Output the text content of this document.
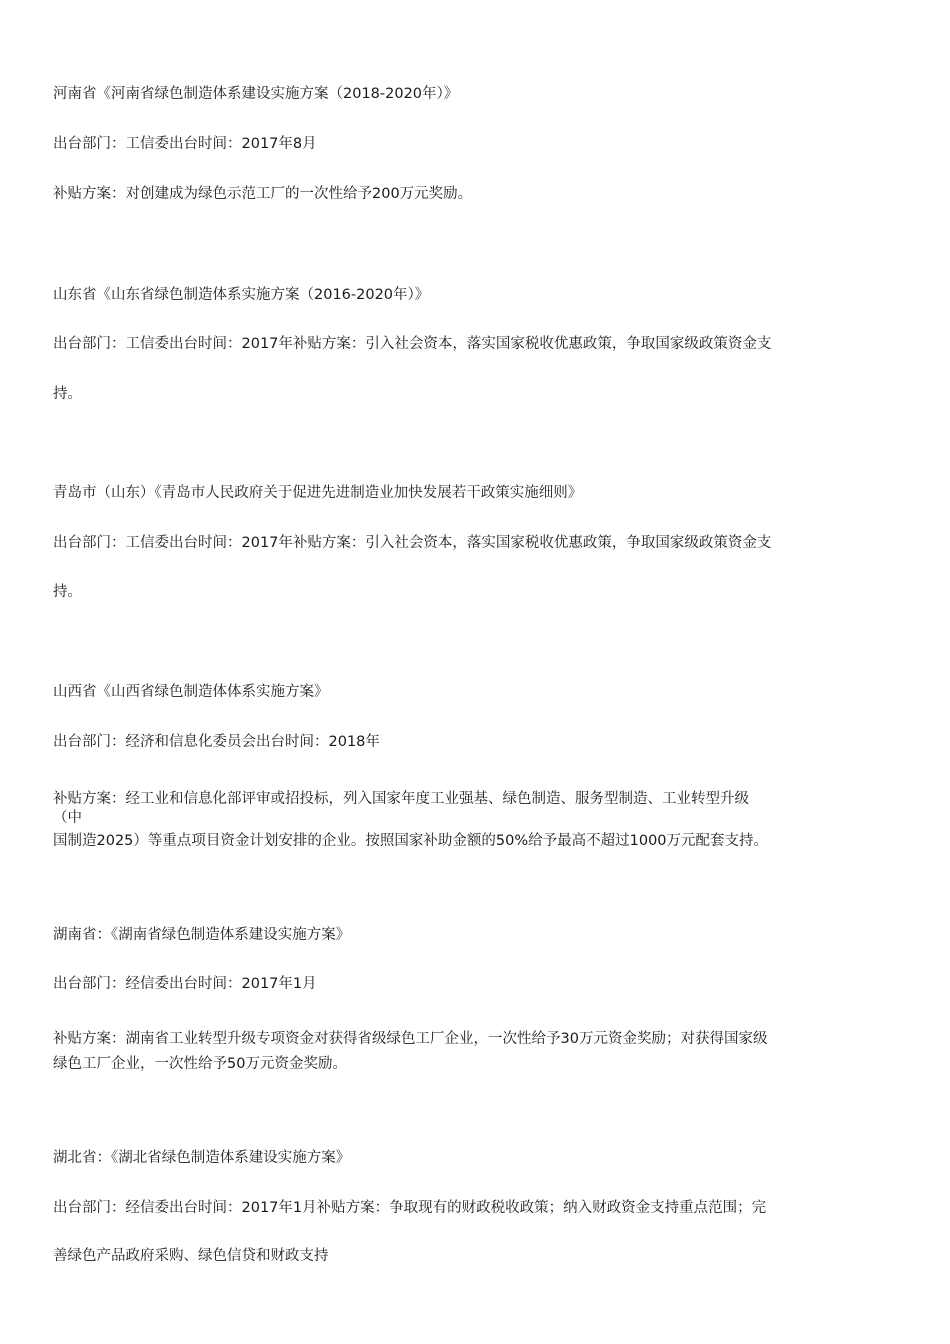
河南省《河南省绿色制造体系建设实施方案（2018-2020年）》
出台部门：工信委出台时间：2017年8月
补贴方案：对创建成为绿色示范工厂的一次性给予200万元奖励。
山东省《山东省绿色制造体系实施方案（2016-2020年）》
出台部门：工信委出台时间：2017年补贴方案：引入社会资本，落实国家税收优惠政策，争取国家级政策资金支
持。
青岛市（山东）《青岛市人民政府关于促进先进制造业加快发展若干政策实施细则》
出台部门：工信委出台时间：2017年补贴方案：引入社会资本，落实国家税收优惠政策，争取国家级政策资金支
持。
山西省《山西省绿色制造体体系实施方案》
出台部门：经济和信息化委员会出台时间：2018年
补贴方案：经工业和信息化部评审或招投标，列入国家年度工业强基、绿色制造、服务型制造、工业转型升级
（中
国制造2025）等重点项目资金计划安排的企业。按照国家补助金额的50%给予最高不超过1000万元配套支持。
湖南省：《湖南省绿色制造体系建设实施方案》
出台部门：经信委出台时间：2017年1月
补贴方案：湖南省工业转型升级专项资金对获得省级绿色工厂企业，一次性给予30万元资金奖励；对获得国家级
绿色工厂企业，一次性给予50万元资金奖励。
湖北省：《湖北省绿色制造体系建设实施方案》
出台部门：经信委出台时间：2017年1月补贴方案：争取现有的财政税收政策；纳入财政资金支持重点范围；完
善绿色产品政府采购、绿色信贷和财政支持
